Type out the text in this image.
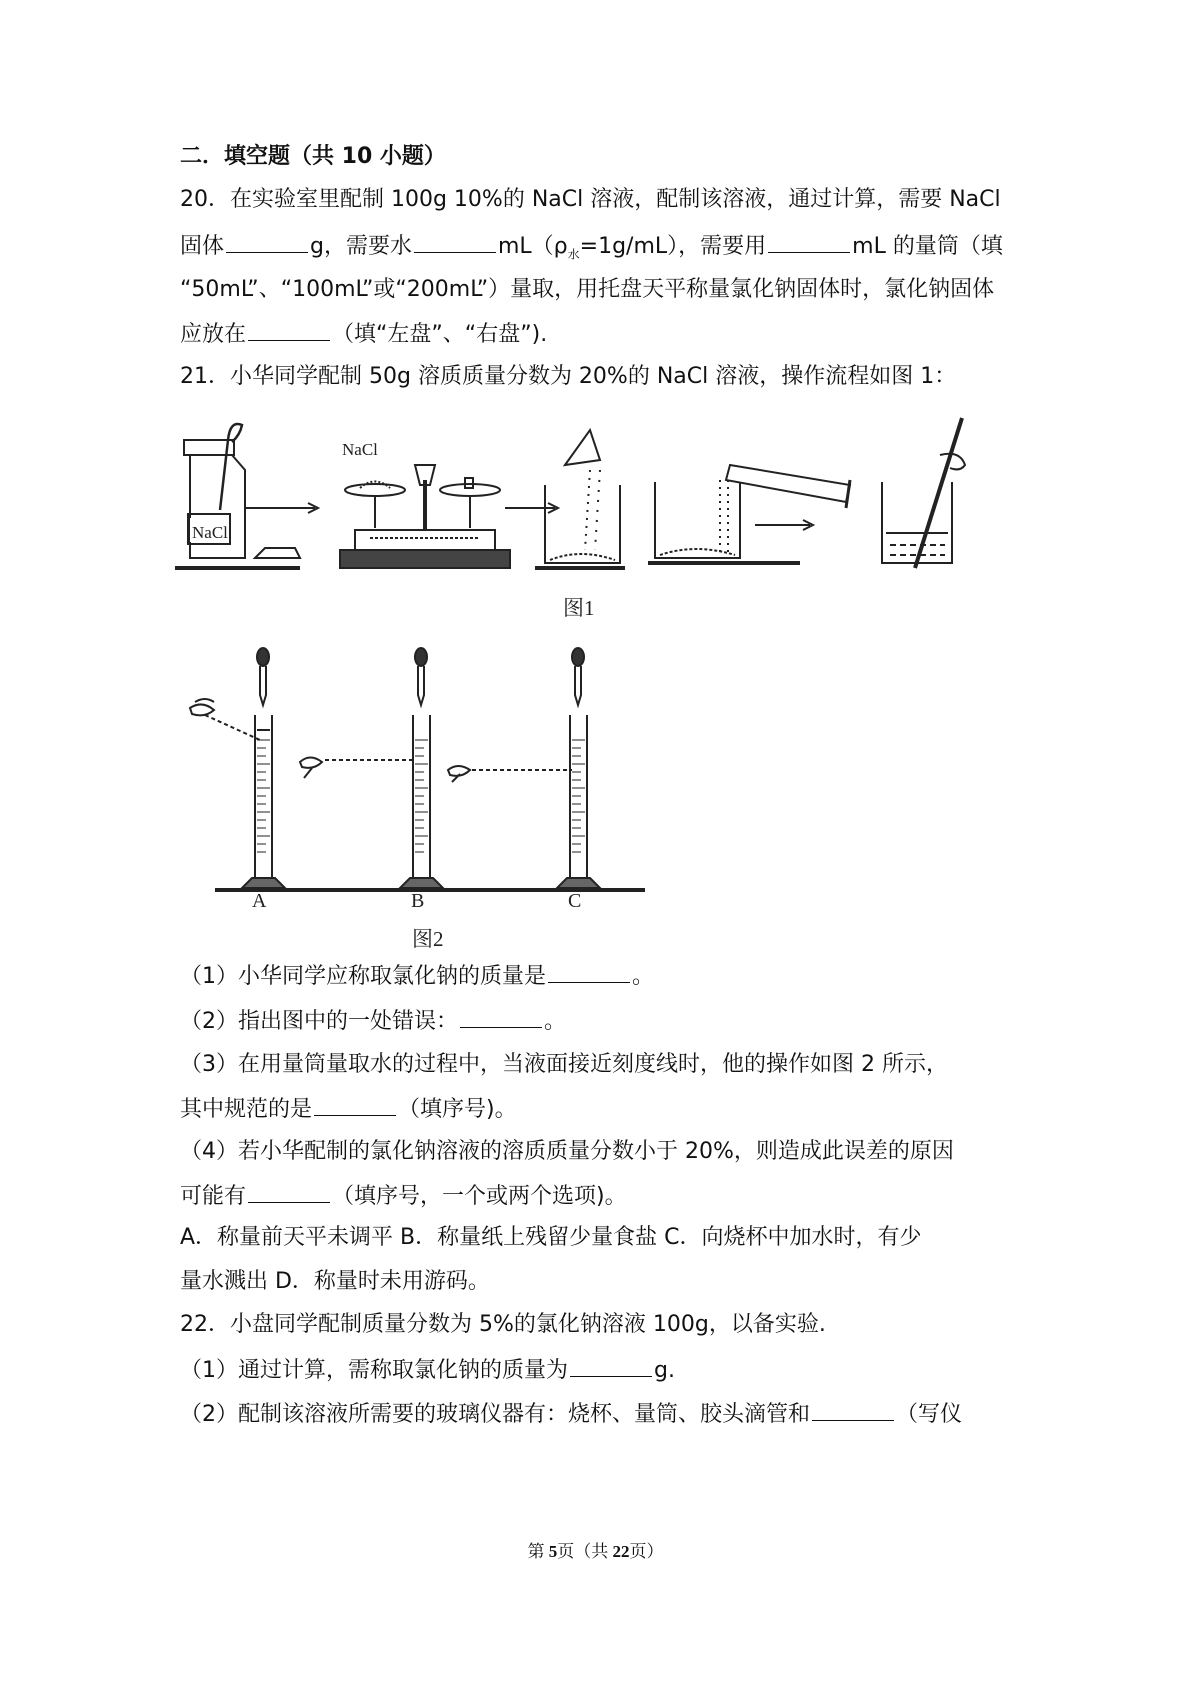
二．填空题（共 10 小题）
20．在实验室里配制 100g 10%的 NaCl 溶液，配制该溶液，通过计算，需要 NaCl
固体	g，需要水	$mL(\rho_水=1g/mL)$，需要用	mL 的量筒（填
“50mL”、“100mL”或“200mL”）量取，用托盘天平称量氯化钠固体时，氯化钠固体
应放在	（填“左盘”、“右盘”).
21．小华同学配制 50g 溶质质量分数为 20%的 NaCl 溶液，操作流程如图 1：
NaCl
NaCl
图1
A	B	C
图2
（1）小华同学应称取氯化钠的质量是	。
（2）指出图中的一处错误：	。
（3）在用量筒量取水的过程中，当液面接近刻度线时，他的操作如图 2 所示，
其中规范的是	（填序号)。
（4）若小华配制的氯化钠溶液的溶质质量分数小于 20%，则造成此误差的原因
可能有	（填序号，一个或两个选项)。
A．称量前天平未调平 B．称量纸上残留少量食盐 C．向烧杯中加水时，有少
量水溅出 D．称量时未用游码。
22．小盘同学配制质量分数为 5%的氯化钠溶液 100g，以备实验.
（1）通过计算，需称取氯化钠的质量为	g.
（2）配制该溶液所需要的玻璃仪器有：烧杯、量筒、胶头滴管和	（写仪
第 5页（共 22页）
